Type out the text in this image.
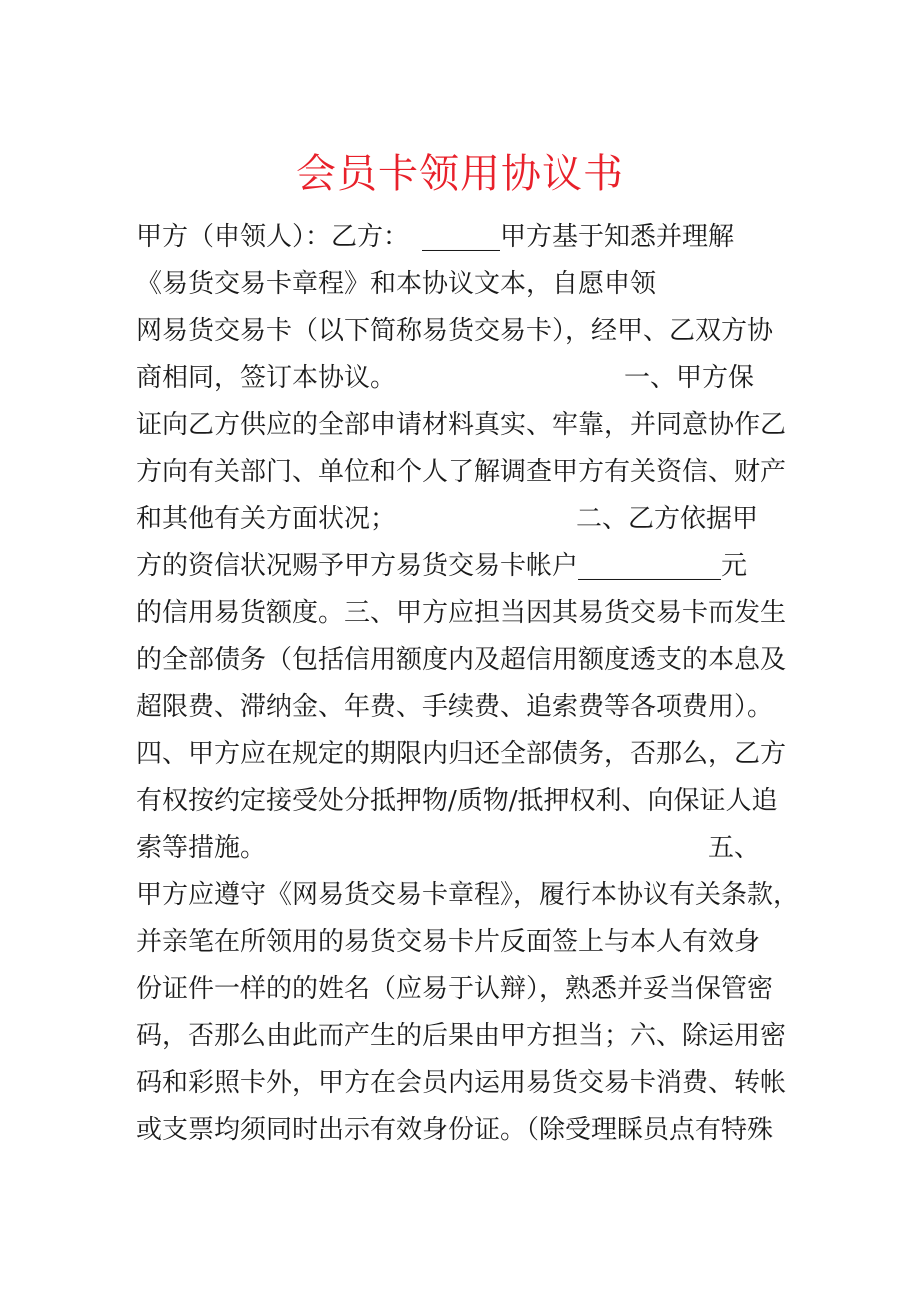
会员卡领用协议书
甲方（申领人）：乙方：　______甲方基于知悉并理解
《易货交易卡章程》和本协议文本，自愿申领
网易货交易卡（以下简称易货交易卡），经甲、乙双方协
商相同，签订本协议。	一、甲方保
证向乙方供应的全部申请材料真实、牢靠，并同意协作乙
方向有关部门、单位和个人了解调查甲方有关资信、财产
和其他有关方面状况；	二、乙方依据甲
方的资信状况赐予甲方易货交易卡帐户___________元
的信用易货额度。三、甲方应担当因其易货交易卡而发生
的全部债务（包括信用额度内及超信用额度透支的本息及
超限费、滞纳金、年费、手续费、追索费等各项费用）。
四、甲方应在规定的期限内归还全部债务，否那么，乙方
有权按约定接受处分抵押物/质物/抵押权利、向保证人追
索等措施。	五、
甲方应遵守《网易货交易卡章程》，履行本协议有关条款，
并亲笔在所领用的易货交易卡片反面签上与本人有效身
份证件一样的的姓名（应易于认辩），熟悉并妥当保管密
码，否那么由此而产生的后果由甲方担当；六、除运用密
码和彩照卡外，甲方在会员内运用易货交易卡消费、转帐
或支票均须同时出示有效身份证。（除受理睬员点有特殊
